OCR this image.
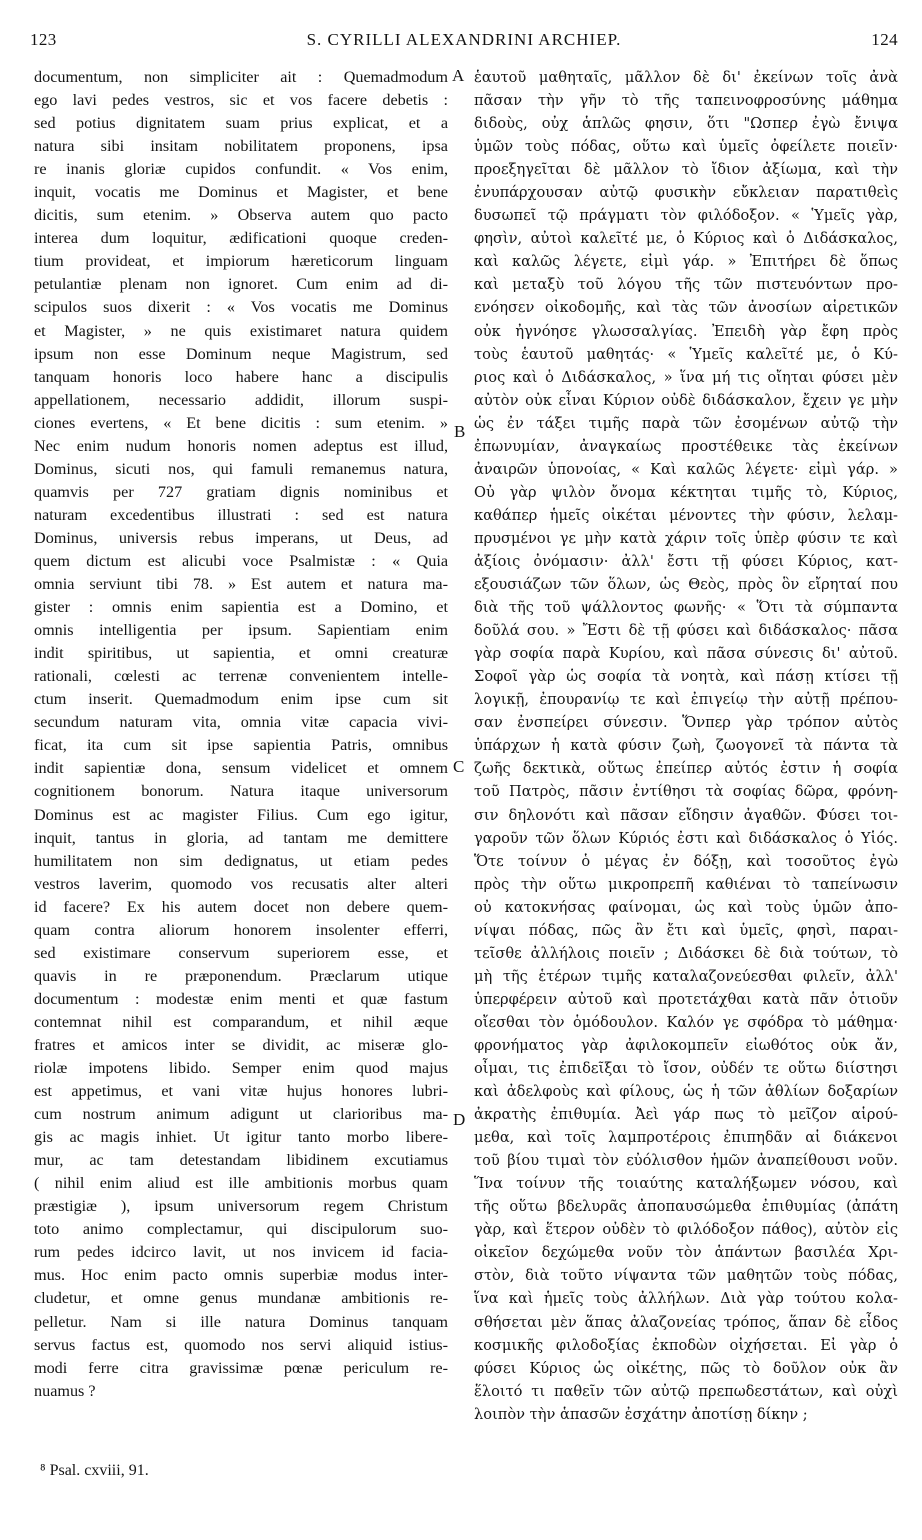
123	S. CYRILLI ALEXANDRINI ARCHIEP.	124
documentum, non simpliciter ait : Quemadmodum
ego lavi pedes vestros, sic et vos facere debetis :
sed potius dignitatem suam prius explicat, et a
natura sibi insitam nobilitatem proponens, ipsa
re inanis gloriæ cupidos confundit. « Vos enim,
inquit, vocatis me Dominus et Magister, et bene
dicitis, sum etenim. » Observa autem quo pacto
interea dum loquitur, ædificationi quoque creden-
tium provideat, et impiorum hæreticorum linguam
petulantiæ plenam non ignoret. Cum enim ad di-
scipulos suos dixerit : « Vos vocatis me Dominus
et Magister, » ne quis existimaret natura quidem
ipsum non esse Dominum neque Magistrum, sed
tanquam honoris loco habere hanc a discipulis
appellationem, necessario addidit, illorum suspi-
ciones evertens, « Et bene dicitis : sum etenim. »
Nec enim nudum honoris nomen adeptus est illud,
Dominus, sicuti nos, qui famuli remanemus natura,
quamvis per 727 gratiam dignis nominibus et
naturam excedentibus illustrati : sed est natura
Dominus, universis rebus imperans, ut Deus, ad
quem dictum est alicubi voce Psalmistæ : « Quia
omnia serviunt tibi 78. » Est autem et natura ma-
gister : omnis enim sapientia est a Domino, et
omnis intelligentia per ipsum. Sapientiam enim
indit spiritibus, ut sapientia, et omni creaturæ
rationali, cœlesti ac terrenæ convenientem intelle-
ctum inserit. Quemadmodum enim ipse cum sit
secundum naturam vita, omnia vitæ capacia vivi-
ficat, ita cum sit ipse sapientia Patris, omnibus
indit sapientiæ dona, sensum videlicet et omnem
cognitionem bonorum. Natura itaque universorum
Dominus est ac magister Filius. Cum ego igitur,
inquit, tantus in gloria, ad tantam me demittere
humilitatem non sim dedignatus, ut etiam pedes
vestros laverim, quomodo vos recusatis alter alteri
id facere? Ex his autem docet non debere quem-
quam contra aliorum honorem insolenter efferri,
sed existimare conservum superiorem esse, et
quavis in re præponendum. Præclarum utique
documentum : modestæ enim menti et quæ fastum
contemnat nihil est comparandum, et nihil æque
fratres et amicos inter se dividit, ac miseræ glo-
riolæ impotens libido. Semper enim quod majus
est appetimus, et vani vitæ hujus honores lubri-
cum nostrum animum adigunt ut clarioribus ma-
gis ac magis inhiet. Ut igitur tanto morbo libere-
mur, ac tam detestandam libidinem excutiamus
( nihil enim aliud est ille ambitionis morbus quam
præstigiæ ), ipsum universorum regem Christum
toto animo complectamur, qui discipulorum suo-
rum pedes idcirco lavit, ut nos invicem id facia-
mus. Hoc enim pacto omnis superbiæ modus inter-
cludetur, et omne genus mundanæ ambitionis re-
pelletur. Nam si ille natura Dominus tanquam
servus factus est, quomodo nos servi aliquid istius-
modi ferre citra gravissimæ pœnæ periculum re-
nuamus ?
ἑαυτοῦ μαθηταῖς, μᾶλλον δὲ δι' ἐκείνων τοῖς ἀνὰ
πᾶσαν τὴν γῆν τὸ τῆς ταπεινοφροσύνης μάθημα
διδοὺς, οὐχ ἁπλῶς φησιν, ὅτι "Ωσπερ ἐγὼ ἔνιψα
ὑμῶν τοὺς πόδας, οὕτω καὶ ὑμεῖς ὀφείλετε ποιεῖν·
προεξηγεῖται δὲ μᾶλλον τὸ ἴδιον ἀξίωμα, καὶ τὴν
ἐνυπάρχουσαν αὐτῷ φυσικὴν εὔκλειαν παρατιθεὶς
δυσωπεῖ τῷ πράγματι τὸν φιλόδοξον. « Ὑμεῖς γὰρ,
φησὶν, αὐτοὶ καλεῖτέ με, ὁ Κύριος καὶ ὁ Διδάσκαλος,
καὶ καλῶς λέγετε, εἰμὶ γάρ. » Ἐπιτήρει δὲ ὅπως
καὶ μεταξὺ τοῦ λόγου τῆς τῶν πιστευόντων προ-
ενόησεν οἰκοδομῆς, καὶ τὰς τῶν ἀνοσίων αἱρετικῶν
οὐκ ἠγνόησε γλωσσαλγίας. Ἐπειδὴ γὰρ ἔφη πρὸς
τοὺς ἑαυτοῦ μαθητάς· « Ὑμεῖς καλεῖτέ με, ὁ Κύ-
ριος καὶ ὁ Διδάσκαλος, » ἵνα μή τις οἴηται φύσει μὲν
αὐτὸν οὐκ εἶναι Κύριον οὐδὲ διδάσκαλον, ἔχειν γε μὴν
ὡς ἐν τάξει τιμῆς παρὰ τῶν ἐσομένων αὐτῷ τὴν
ἐπωνυμίαν, ἀναγκαίως προστέθεικε τὰς ἐκείνων
ἀναιρῶν ὑπονοίας, « Καὶ καλῶς λέγετε· εἰμὶ γάρ. »
Οὐ γὰρ ψιλὸν ὄνομα κέκτηται τιμῆς τὸ, Κύριος,
καθάπερ ἡμεῖς οἰκέται μένοντες τὴν φύσιν, λελαμ-
πρυσμένοι γε μὴν κατὰ χάριν τοῖς ὑπὲρ φύσιν τε καὶ
ἀξίοις ὀνόμασιν· ἀλλ' ἔστι τῇ φύσει Κύριος, κατ-
εξουσιάζων τῶν ὅλων, ὡς Θεὸς, πρὸς ὃν εἴρηταί που
διὰ τῆς τοῦ ψάλλοντος φωνῆς· « Ὅτι τὰ σύμπαντα
δοῦλά σου. » Ἔστι δὲ τῇ φύσει καὶ διδάσκαλος· πᾶσα
γὰρ σοφία παρὰ Κυρίου, καὶ πᾶσα σύνεσις δι' αὐτοῦ.
Σοφοῖ γὰρ ὡς σοφία τὰ νοητὰ, καὶ πάσῃ κτίσει τῇ
λογικῇ, ἐπουρανίῳ τε καὶ ἐπιγείῳ τὴν αὐτῇ πρέπου-
σαν ἐνσπείρει σύνεσιν. Ὅνπερ γὰρ τρόπον αὐτὸς
ὑπάρχων ἡ κατὰ φύσιν ζωὴ, ζωογονεῖ τὰ πάντα τὰ
ζωῆς δεκτικὰ, οὕτως ἐπείπερ αὐτός ἐστιν ἡ σοφία
τοῦ Πατρὸς, πᾶσιν ἐντίθησι τὰ σοφίας δῶρα, φρόνη-
σιν δηλονότι καὶ πᾶσαν εἴδησιν ἀγαθῶν. Φύσει τοι-
γαροῦν τῶν ὅλων Κύριός ἐστι καὶ διδάσκαλος ὁ Υἱός.
Ὅτε τοίνυν ὁ μέγας ἐν δόξῃ, καὶ τοσοῦτος ἐγὼ
πρὸς τὴν οὕτω μικροπρεπῆ καθιέναι τὸ ταπείνωσιν
οὐ κατοκνήσας φαίνομαι, ὡς καὶ τοὺς ὑμῶν ἀπο-
νίψαι πόδας, πῶς ἂν ἔτι καὶ ὑμεῖς, φησὶ, παραι-
τεῖσθε ἀλλήλοις ποιεῖν ; Διδάσκει δὲ διὰ τούτων, τὸ
μὴ τῆς ἑτέρων τιμῆς καταλαζονεύεσθαι φιλεῖν, ἀλλ'
ὑπερφέρειν αὐτοῦ καὶ προτετάχθαι κατὰ πᾶν ὁτιοῦν
οἴεσθαι τὸν ὁμόδουλον. Καλόν γε σφόδρα τὸ μάθημα·
φρονήματος γὰρ ἀφιλοκομπεῖν εἰωθότος οὐκ ἄν,
οἶμαι, τις ἐπιδεῖξαι τὸ ἴσον, οὐδέν τε οὕτω διίστησι
καὶ ἀδελφοὺς καὶ φίλους, ὡς ἡ τῶν ἀθλίων δοξαρίων
ἀκρατὴς ἐπιθυμία. Ἀεὶ γάρ πως τὸ μεῖζον αἱρού-
μεθα, καὶ τοῖς λαμπροτέροις ἐπιπηδᾶν αἱ διάκενοι
τοῦ βίου τιμαὶ τὸν εὐόλισθον ἡμῶν ἀναπείθουσι νοῦν.
Ἵνα τοίνυν τῆς τοιαύτης καταλήξωμεν νόσου, καὶ
τῆς οὕτω βδελυρᾶς ἀποπαυσώμεθα ἐπιθυμίας (ἀπάτη
γὰρ, καὶ ἕτερον οὐδὲν τὸ φιλόδοξον πάθος), αὐτὸν εἰς
οἰκεῖον δεχώμεθα νοῦν τὸν ἁπάντων βασιλέα Χρι-
στὸν, διὰ τοῦτο νίψαντα τῶν μαθητῶν τοὺς πόδας,
ἵνα καὶ ἡμεῖς τοὺς ἀλλήλων. Διὰ γὰρ τούτου κολα-
σθήσεται μὲν ἅπας ἀλαζονείας τρόπος, ἅπαν δὲ εἶδος
κοσμικῆς φιλοδοξίας ἐκποδὼν οἰχήσεται. Εἰ γὰρ ὁ
φύσει Κύριος ὡς οἰκέτης, πῶς τὸ δοῦλον οὐκ ἂν
ἕλοιτό τι παθεῖν τῶν αὐτῷ πρεπωδεστάτων, καὶ οὐχὶ
λοιπὸν τὴν ἁπασῶν ἐσχάτην ἀποτίσῃ δίκην ;
A
B
C
D
⁸ Psal. cxviii, 91.
